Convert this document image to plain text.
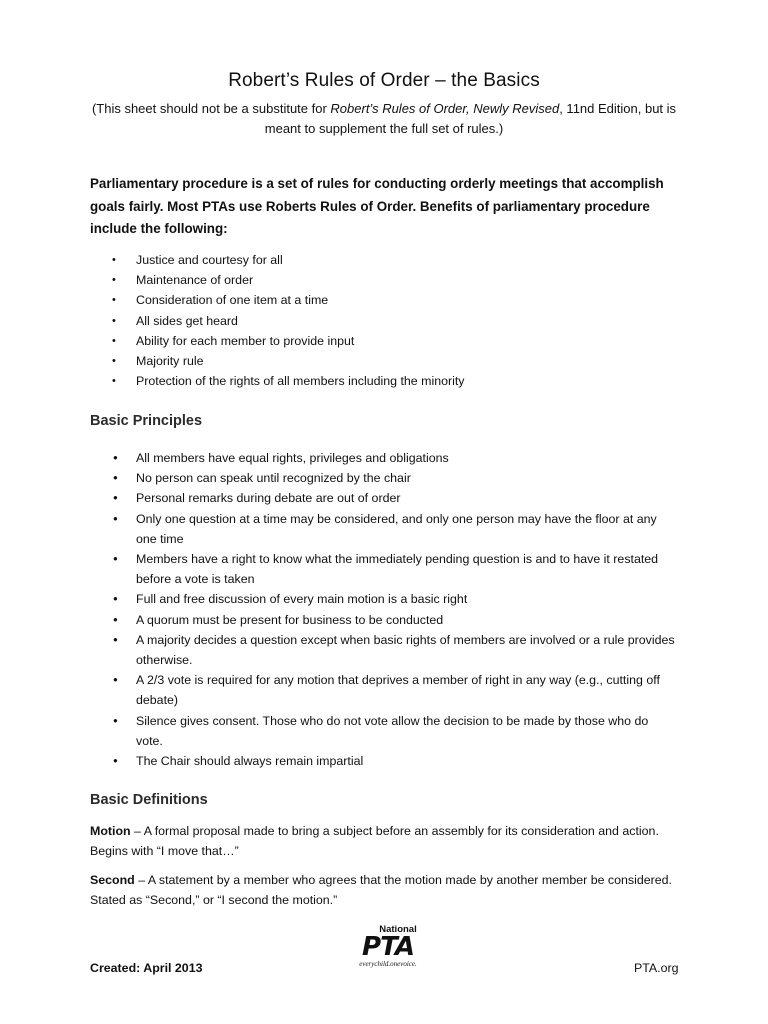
Robert’s Rules of Order – the Basics

(This sheet should not be a substitute for Robert’s Rules of Order, Newly Revised, 11nd Edition, but is meant to supplement the full set of rules.)

Parliamentary procedure is a set of rules for conducting orderly meetings that accomplish goals fairly. Most PTAs use Roberts Rules of Order. Benefits of parliamentary procedure include the following:

• Justice and courtesy for all
• Maintenance of order
• Consideration of one item at a time
• All sides get heard
• Ability for each member to provide input
• Majority rule
• Protection of the rights of all members including the minority
Basic Principles
● All members have equal rights, privileges and obligations
● No person can speak until recognized by the chair
● Personal remarks during debate are out of order
● Only one question at a time may be considered, and only one person may have the floor at any one time
● Members have a right to know what the immediately pending question is and to have it restated before a vote is taken
● Full and free discussion of every main motion is a basic right
● A quorum must be present for business to be conducted
● A majority decides a question except when basic rights of members are involved or a rule provides otherwise.
● A 2/3 vote is required for any motion that deprives a member of right in any way (e.g., cutting off debate)
● Silence gives consent. Those who do not vote allow the decision to be made by those who do vote.
● The Chair should always remain impartial
Basic Definitions

Motion – A formal proposal made to bring a subject before an assembly for its consideration and action. Begins with “I move that…”

Second – A statement by a member who agrees that the motion made by another member be considered. Stated as “Second,” or “I second the motion.”

Created: April 2013
National
PTA
everychild.onevoice.	PTA.org
